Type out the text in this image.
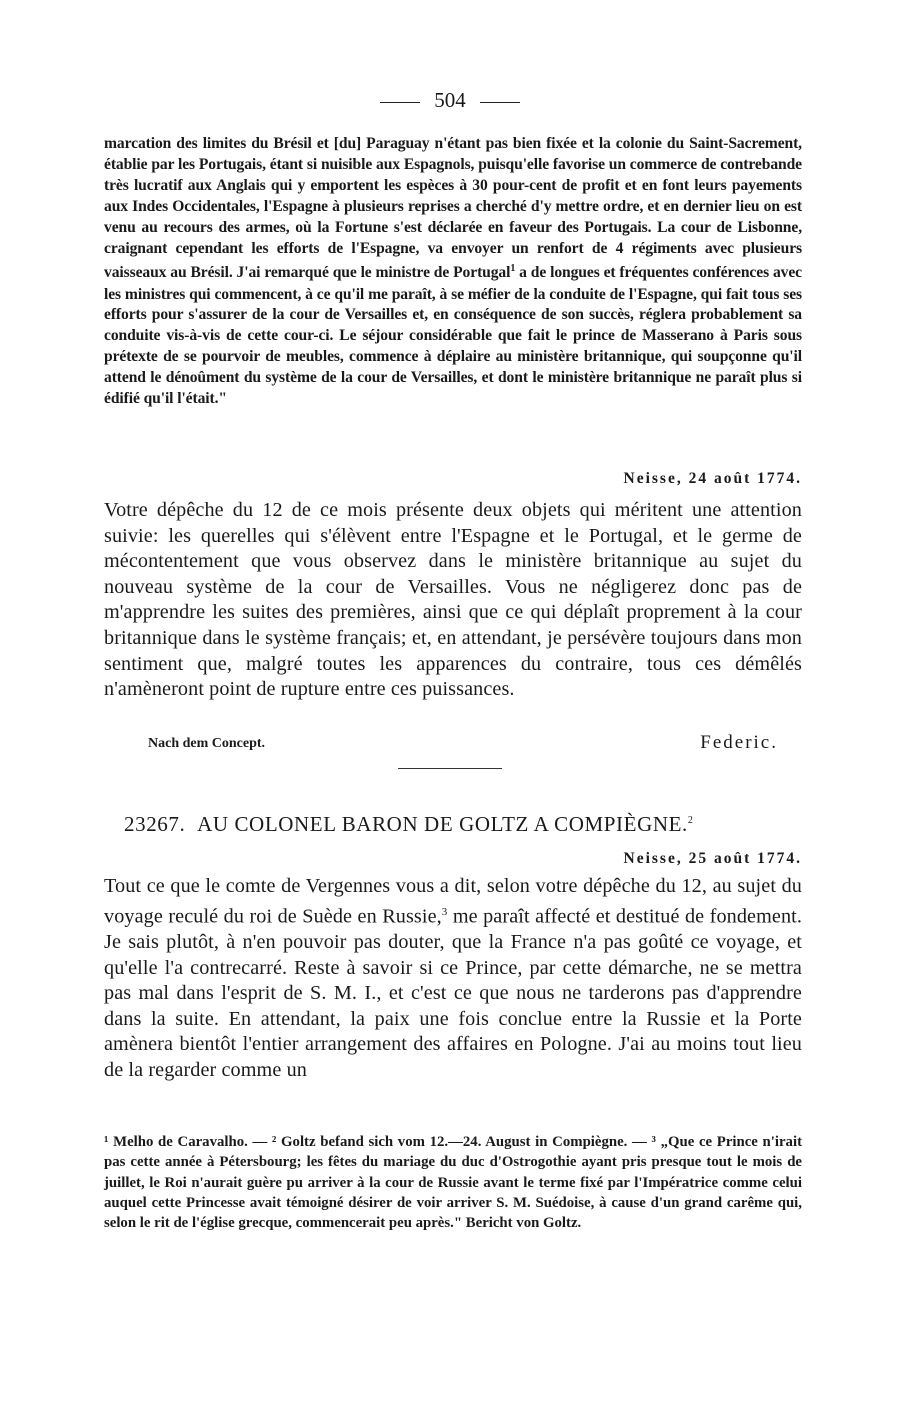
504
marcation des limites du Brésil et [du] Paraguay n'étant pas bien fixée et la colonie du Saint-Sacrement, établie par les Portugais, étant si nuisible aux Espagnols, puisqu'elle favorise un commerce de contrebande très lucratif aux Anglais qui y emportent les espèces à 30 pour-cent de profit et en font leurs payements aux Indes Occidentales, l'Espagne à plusieurs reprises a cherché d'y mettre ordre, et en dernier lieu on est venu au recours des armes, où la Fortune s'est déclarée en faveur des Portugais. La cour de Lisbonne, craignant cependant les efforts de l'Espagne, va envoyer un renfort de 4 régiments avec plusieurs vaisseaux au Brésil. J'ai remarqué que le ministre de Portugal$^1$ a de longues et fréquentes conférences avec les ministres qui commencent, à ce qu'il me paraît, à se méfier de la conduite de l'Espagne, qui fait tous ses efforts pour s'assurer de la cour de Versailles et, en conséquence de son succès, réglera probablement sa conduite vis-à-vis de cette cour-ci. Le séjour considérable que fait le prince de Masserano à Paris sous prétexte de se pourvoir de meubles, commence à déplaire au ministère britannique, qui soupçonne qu'il attend le dénoûment du système de la cour de Versailles, et dont le ministère britannique ne paraît plus si édifié qu'il l'était."
Neisse, 24 août 1774.
Votre dépêche du 12 de ce mois présente deux objets qui méritent une attention suivie: les querelles qui s'élèvent entre l'Espagne et le Portugal, et le germe de mécontentement que vous observez dans le ministère britannique au sujet du nouveau système de la cour de Versailles. Vous ne négligerez donc pas de m'apprendre les suites des premières, ainsi que ce qui déplaît proprement à la cour britannique dans le système français; et, en attendant, je persévère toujours dans mon sentiment que, malgré toutes les apparences du contraire, tous ces démêlés n'amèneront point de rupture entre ces puissances.
Nach dem Concept.	Federic.
23267. AU COLONEL BARON DE GOLTZ A COMPIÈGNE.$^2$
Neisse, 25 août 1774.
Tout ce que le comte de Vergennes vous a dit, selon votre dépêche du 12, au sujet du voyage reculé du roi de Suède en Russie,$^3$ me paraît affecté et destitué de fondement. Je sais plutôt, à n'en pouvoir pas douter, que la France n'a pas goûté ce voyage, et qu'elle l'a contrecarré. Reste à savoir si ce Prince, par cette démarche, ne se mettra pas mal dans l'esprit de S. M. I., et c'est ce que nous ne tarderons pas d'apprendre dans la suite. En attendant, la paix une fois conclue entre la Russie et la Porte amènera bientôt l'entier arrangement des affaires en Pologne. J'ai au moins tout lieu de la regarder comme un
¹ Melho de Caravalho. — ² Goltz befand sich vom 12.—24. August in Compiègne. — ³ „Que ce Prince n'irait pas cette année à Pétersbourg; les fêtes du mariage du duc d'Ostrogothie ayant pris presque tout le mois de juillet, le Roi n'aurait guère pu arriver à la cour de Russie avant le terme fixé par l'Impératrice comme celui auquel cette Princesse avait témoigné désirer de voir arriver S. M. Suédoise, à cause d'un grand carême qui, selon le rit de l'église grecque, commencerait peu après." Bericht von Goltz.
